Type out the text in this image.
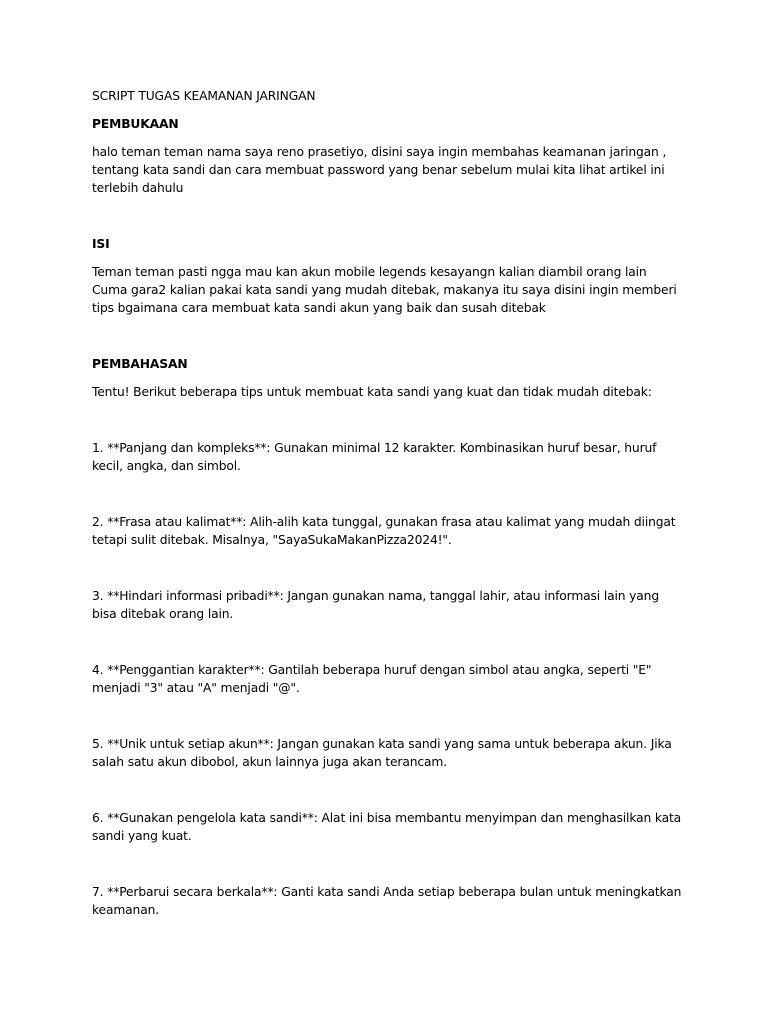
SCRIPT TUGAS KEAMANAN JARINGAN

PEMBUKAAN

halo teman teman nama saya reno prasetiyo, disini saya ingin membahas keamanan jaringan , tentang kata sandi dan cara membuat password yang benar sebelum mulai kita lihat artikel ini terlebih dahulu

ISI

Teman teman pasti ngga mau kan akun mobile legends kesayangn kalian diambil orang lain Cuma gara2 kalian pakai kata sandi yang mudah ditebak, makanya itu saya disini ingin memberi tips bgaimana cara membuat kata sandi akun yang baik dan susah ditebak

PEMBAHASAN

Tentu! Berikut beberapa tips untuk membuat kata sandi yang kuat dan tidak mudah ditebak:

1. **Panjang dan kompleks**: Gunakan minimal 12 karakter. Kombinasikan huruf besar, huruf kecil, angka, dan simbol.

2. **Frasa atau kalimat**: Alih-alih kata tunggal, gunakan frasa atau kalimat yang mudah diingat tetapi sulit ditebak. Misalnya, "SayaSukaMakanPizza2024!".

3. **Hindari informasi pribadi**: Jangan gunakan nama, tanggal lahir, atau informasi lain yang bisa ditebak orang lain.

4. **Penggantian karakter**: Gantilah beberapa huruf dengan simbol atau angka, seperti "E" menjadi "3" atau "A" menjadi "@".

5. **Unik untuk setiap akun**: Jangan gunakan kata sandi yang sama untuk beberapa akun. Jika salah satu akun dibobol, akun lainnya juga akan terancam.

6. **Gunakan pengelola kata sandi**: Alat ini bisa membantu menyimpan dan menghasilkan kata sandi yang kuat.

7. **Perbarui secara berkala**: Ganti kata sandi Anda setiap beberapa bulan untuk meningkatkan keamanan.
